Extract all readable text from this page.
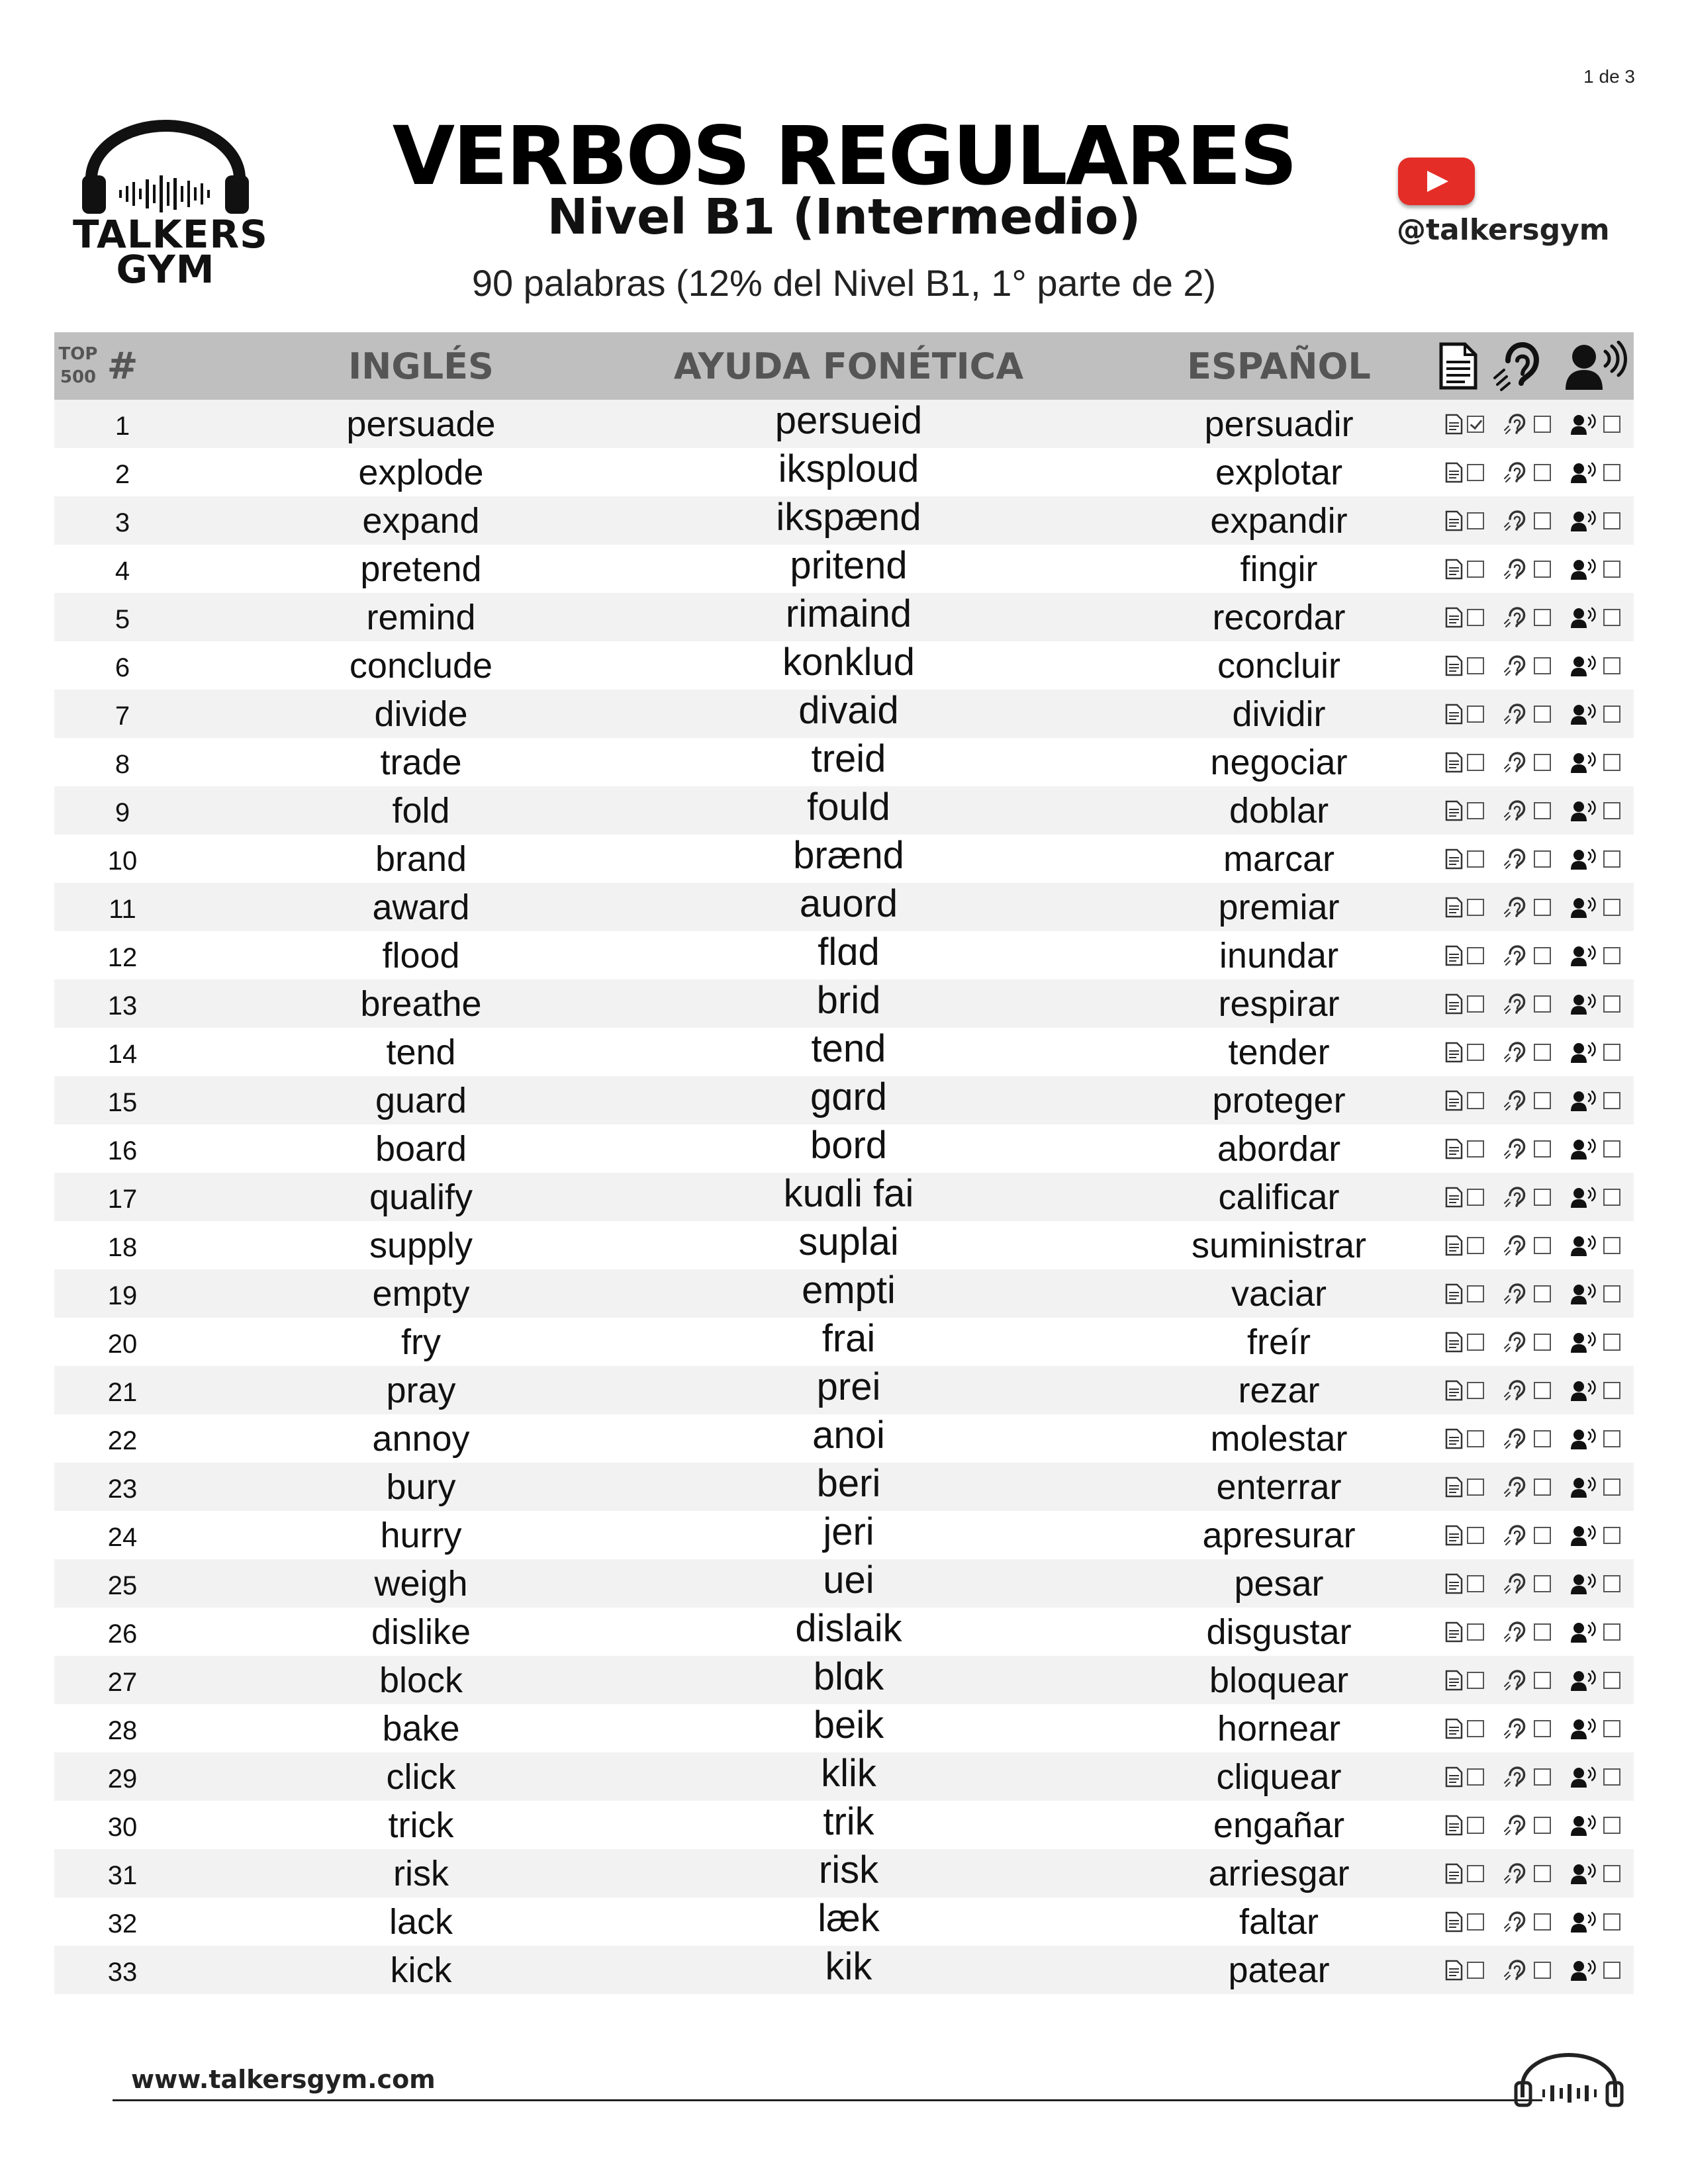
1 de 3
TALKERS
GYM
VERBOS REGULARES
Nivel B1 (Intermedio)
90 palabras (12% del Nivel B1, 1° parte de 2)
@talkersgym
TOP
500 #	INGLÉS	AYUDA FONÉTICA	ESPAÑOL
1	persuade	persueid	persuadir
2	explode	iksploud	explotar
3	expand	ikspænd	expandir
4	pretend	pritend	fingir
5	remind	rimaind	recordar
6	conclude	konklud	concluir
7	divide	divaid	dividir
8	trade	treid	negociar
9	fold	fould	doblar
10	brand	brænd	marcar
11	award	auord	premiar
12	flood	flɑd	inundar
13	breathe	brid	respirar
14	tend	tend	tender
15	guard	gɑrd	proteger
16	board	bord	abordar
17	qualify	kuɑli fai	calificar
18	supply	suplai	suministrar
19	empty	empti	vaciar
20	fry	frai	freír
21	pray	prei	rezar
22	annoy	anoi	molestar
23	bury	beri	enterrar
24	hurry	jeri	apresurar
25	weigh	uei	pesar
26	dislike	dislaik	disgustar
27	block	blɑk	bloquear
28	bake	beik	hornear
29	click	klik	cliquear
30	trick	trik	engañar
31	risk	risk	arriesgar
32	lack	læk	faltar
33	kick	kik	patear
www.talkersgym.com
